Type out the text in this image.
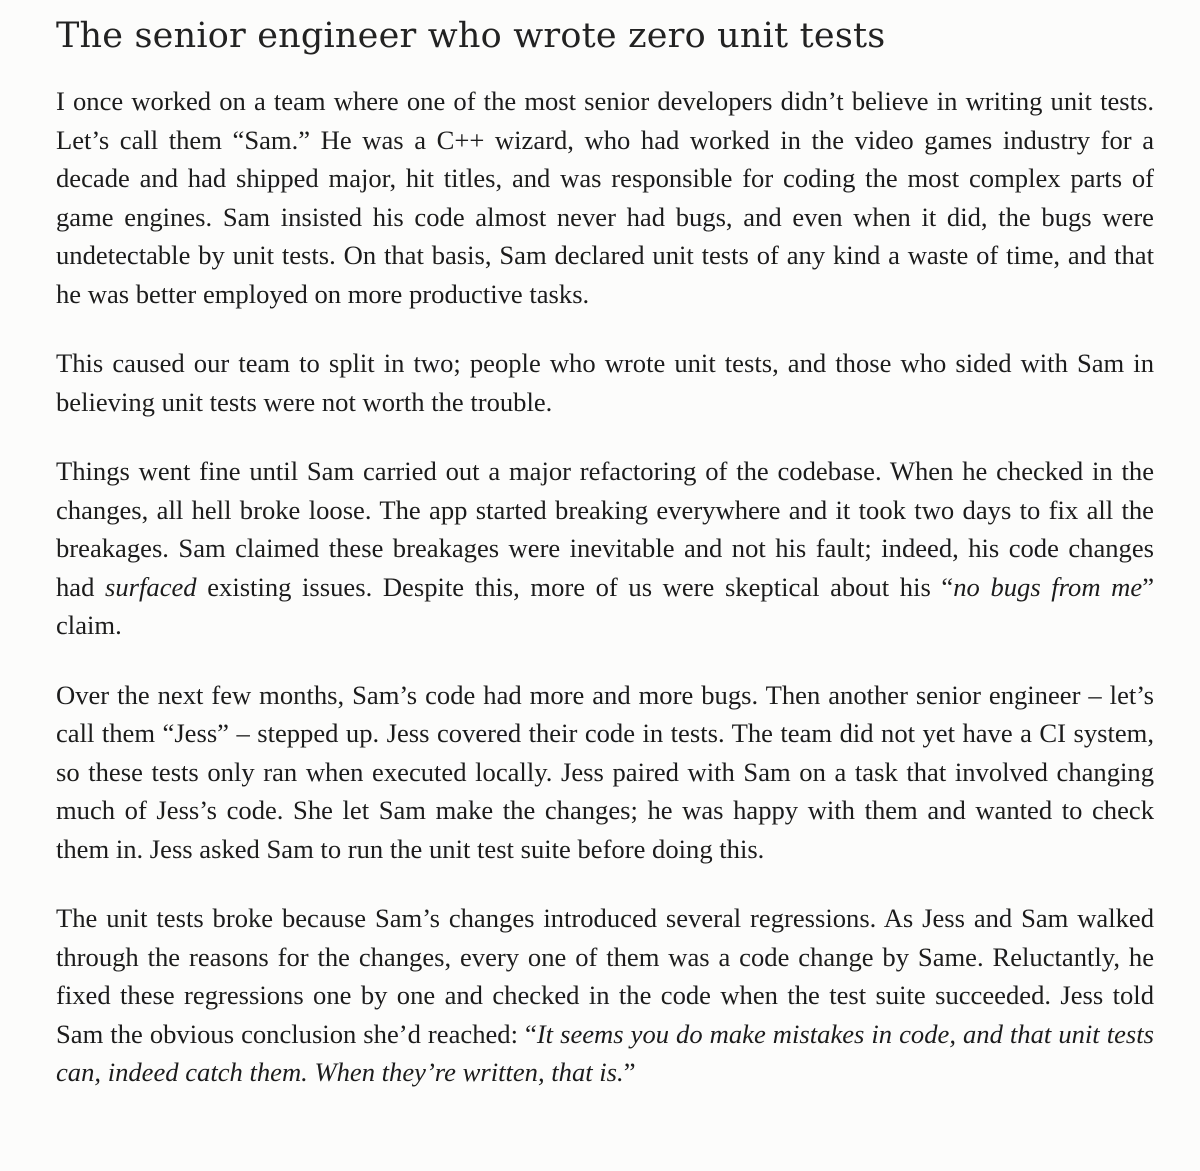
The senior engineer who wrote zero unit tests

I once worked on a team where one of the most senior developers didn’t believe in writing unit tests. Let’s call them “Sam.” He was a C++ wizard, who had worked in the video games industry for a decade and had shipped major, hit titles, and was responsible for coding the most complex parts of game engines. Sam insisted his code almost never had bugs, and even when it did, the bugs were undetectable by unit tests. On that basis, Sam declared unit tests of any kind a waste of time, and that he was better employed on more productive tasks.

This caused our team to split in two; people who wrote unit tests, and those who sided with Sam in believing unit tests were not worth the trouble.

Things went fine until Sam carried out a major refactoring of the codebase. When he checked in the changes, all hell broke loose. The app started breaking everywhere and it took two days to fix all the breakages. Sam claimed these breakages were inevitable and not his fault; indeed, his code changes had surfaced existing issues. Despite this, more of us were skeptical about his “no bugs from me” claim.

Over the next few months, Sam’s code had more and more bugs. Then another senior engineer – let’s call them “Jess” – stepped up. Jess covered their code in tests. The team did not yet have a CI system, so these tests only ran when executed locally. Jess paired with Sam on a task that involved changing much of Jess’s code. She let Sam make the changes; he was happy with them and wanted to check them in. Jess asked Sam to run the unit test suite before doing this.

The unit tests broke because Sam’s changes introduced several regressions. As Jess and Sam walked through the reasons for the changes, every one of them was a code change by Same. Reluctantly, he fixed these regressions one by one and checked in the code when the test suite succeeded. Jess told Sam the obvious conclusion she’d reached: “It seems you do make mistakes in code, and that unit tests can, indeed catch them. When they’re written, that is.”
